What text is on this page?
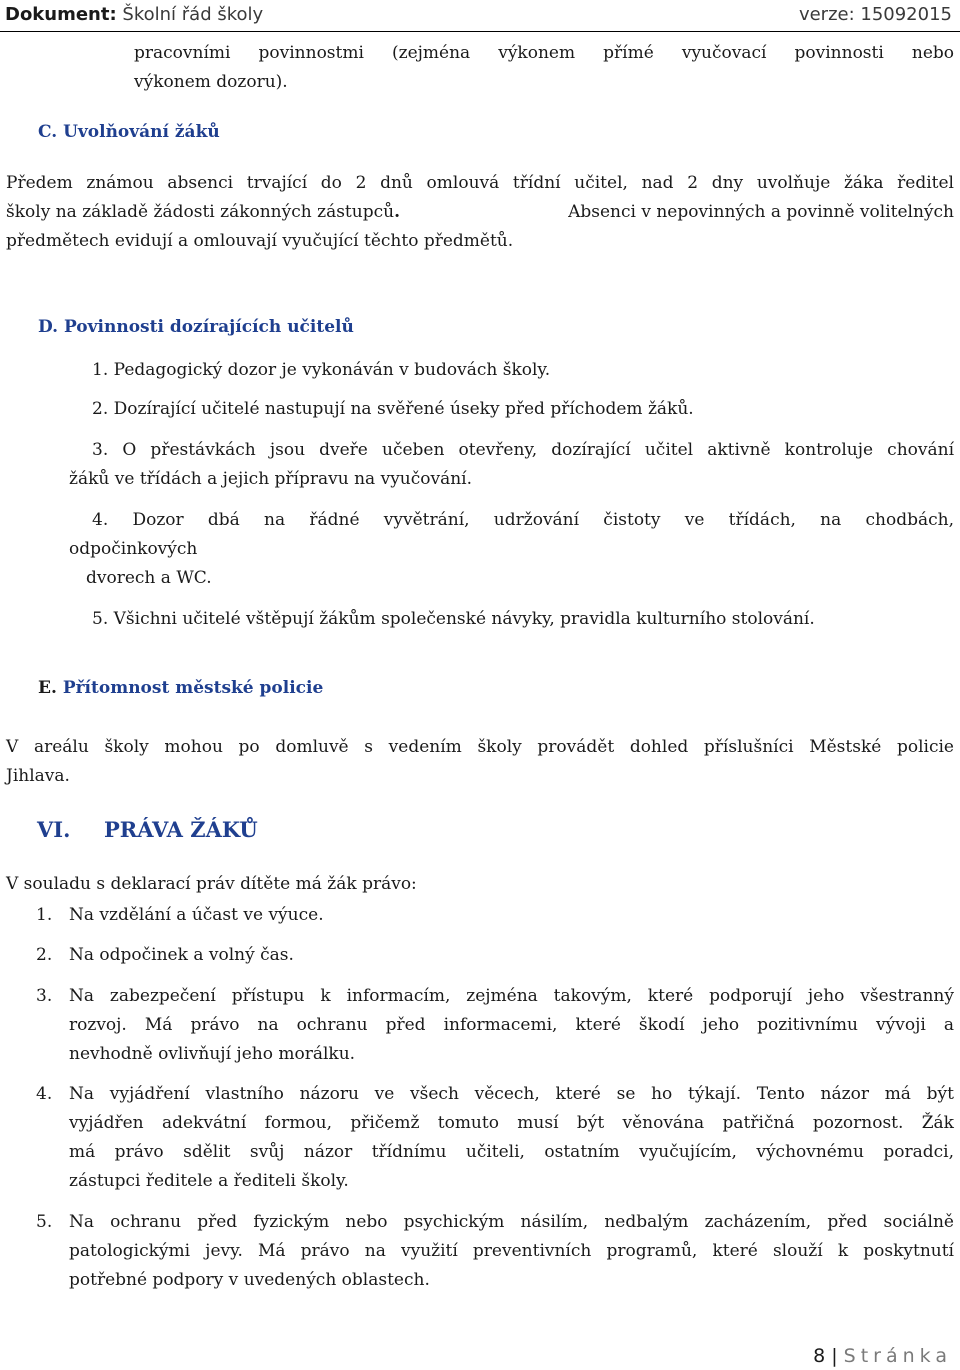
Dokument: Školní řád školy	verze: 15092015
pracovními povinnostmi (zejména výkonem přímé vyučovací povinnosti nebo
výkonem dozoru).
C. Uvolňování žáků
Předem známou absenci trvající do 2 dnů omlouvá třídní učitel, nad 2 dny uvolňuje žáka ředitel
školy na základě žádosti zákonných zástupců.	Absenci v nepovinných a povinně volitelných
předmětech evidují a omlouvají vyučující těchto předmětů.
D. Povinnosti dozírajících učitelů
1. Pedagogický dozor je vykonáván v budovách školy.
2. Dozírající učitelé nastupují na svěřené úseky před příchodem žáků.
3. O přestávkách jsou dveře učeben otevřeny, dozírající učitel aktivně kontroluje chování
žáků ve třídách a jejich přípravu na vyučování.
4. Dozor dbá na řádné vyvětrání, udržování čistoty ve třídách, na chodbách,
odpočinkových
dvorech a WC.
5. Všichni učitelé vštěpují žákům společenské návyky, pravidla kulturního stolování.
E. Přítomnost městské policie
V areálu školy mohou po domluvě s vedením školy provádět dohled příslušníci Městské policie
Jihlava.
VI. PRÁVA ŽÁKŮ
V souladu s deklarací práv dítěte má žák právo:
1. Na vzdělání a účast ve výuce.
2. Na odpočinek a volný čas.
3. Na zabezpečení přístupu k informacím, zejména takovým, které podporují jeho všestranný
rozvoj. Má právo na ochranu před informacemi, které škodí jeho pozitivnímu vývoji a
nevhodně ovlivňují jeho morálku.
4. Na vyjádření vlastního názoru ve všech věcech, které se ho týkají. Tento názor má být
vyjádřen adekvátní formou, přičemž tomuto musí být věnována patřičná pozornost. Žák
má právo sdělit svůj názor třídnímu učiteli, ostatním vyučujícím, výchovnému poradci,
zástupci ředitele a řediteli školy.
5. Na ochranu před fyzickým nebo psychickým násilím, nedbalým zacházením, před sociálně
patologickými jevy. Má právo na využití preventivních programů, které slouží k poskytnutí
potřebné podpory v uvedených oblastech.
8 | Stránka
